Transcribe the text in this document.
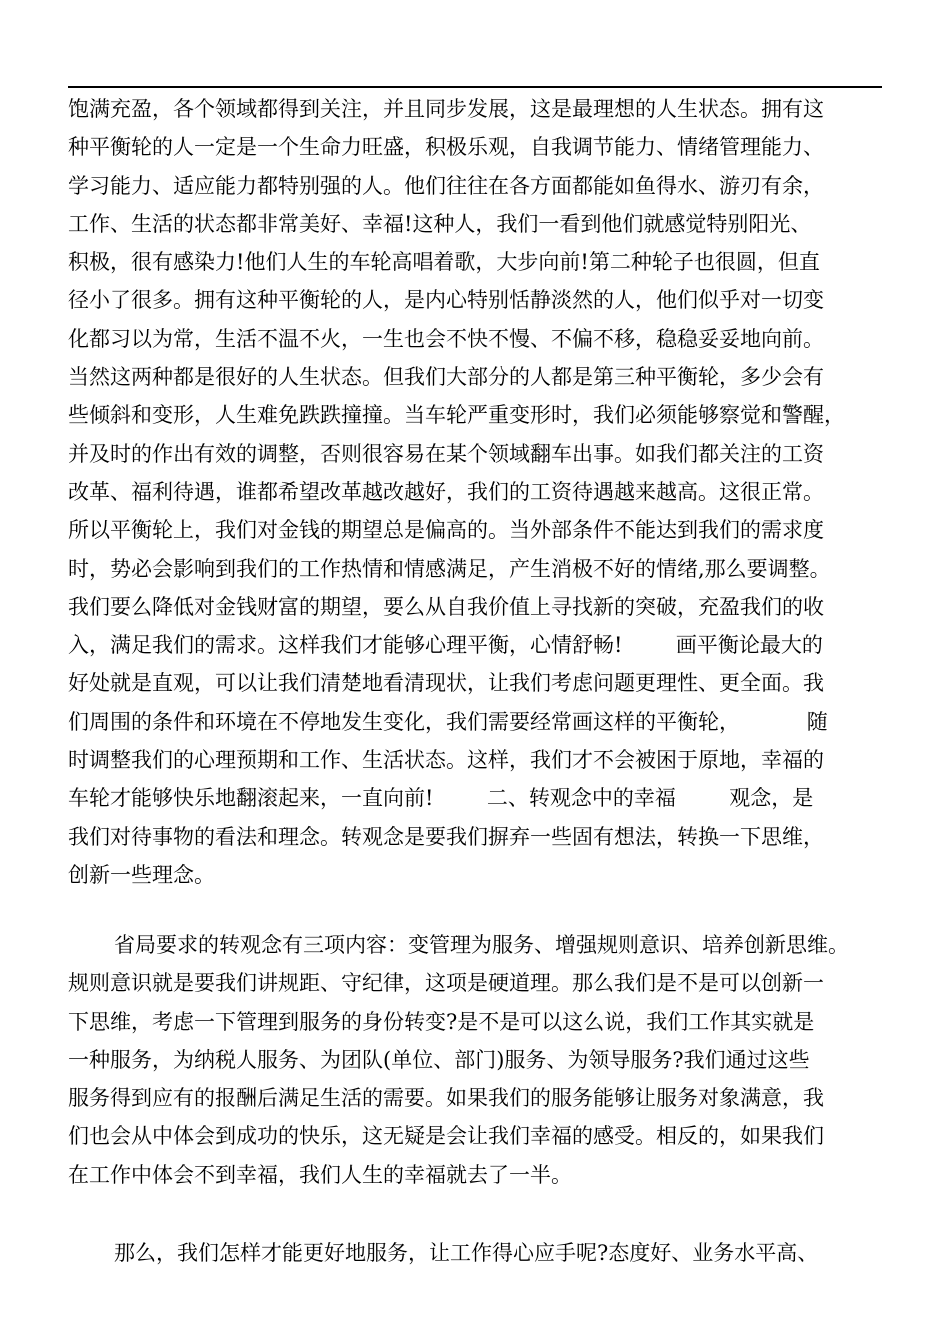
饱满充盈，各个领域都得到关注，并且同步发展，这是最理想的人生状态。拥有这
种平衡轮的人一定是一个生命力旺盛，积极乐观，自我调节能力、情绪管理能力、
学习能力、适应能力都特别强的人。他们往往在各方面都能如鱼得水、游刃有余，
工作、生活的状态都非常美好、幸福!这种人，我们一看到他们就感觉特别阳光、
积极，很有感染力!他们人生的车轮高唱着歌，大步向前!第二种轮子也很圆，但直
径小了很多。拥有这种平衡轮的人，是内心特别恬静淡然的人，他们似乎对一切变
化都习以为常，生活不温不火，一生也会不快不慢、不偏不移，稳稳妥妥地向前。
当然这两种都是很好的人生状态。但我们大部分的人都是第三种平衡轮，多少会有
些倾斜和变形，人生难免跌跌撞撞。当车轮严重变形时，我们必须能够察觉和警醒，
并及时的作出有效的调整，否则很容易在某个领域翻车出事。如我们都关注的工资
改革、福利待遇，谁都希望改革越改越好，我们的工资待遇越来越高。这很正常。
所以平衡轮上，我们对金钱的期望总是偏高的。当外部条件不能达到我们的需求度
时，势必会影响到我们的工作热情和情感满足，产生消极不好的情绪,那么要调整。
我们要么降低对金钱财富的期望，要么从自我价值上寻找新的突破，充盈我们的收
入，满足我们的需求。这样我们才能够心理平衡，心情舒畅!        画平衡论最大的
好处就是直观，可以让我们清楚地看清现状，让我们考虑问题更理性、更全面。我
们周围的条件和环境在不停地发生变化，我们需要经常画这样的平衡轮，          随
时调整我们的心理预期和工作、生活状态。这样，我们才不会被困于原地，幸福的
车轮才能够快乐地翻滚起来，一直向前!        二、转观念中的幸福        观念，是
我们对待事物的看法和理念。转观念是要我们摒弃一些固有想法，转换一下思维，
创新一些理念。
省局要求的转观念有三项内容：变管理为服务、增强规则意识、培养创新思维。
规则意识就是要我们讲规距、守纪律，这项是硬道理。那么我们是不是可以创新一
下思维，考虑一下管理到服务的身份转变?是不是可以这么说，我们工作其实就是
一种服务，为纳税人服务、为团队(单位、部门)服务、为领导服务?我们通过这些
服务得到应有的报酬后满足生活的需要。如果我们的服务能够让服务对象满意，我
们也会从中体会到成功的快乐，这无疑是会让我们幸福的感受。相反的，如果我们
在工作中体会不到幸福，我们人生的幸福就去了一半。
那么，我们怎样才能更好地服务，让工作得心应手呢?态度好、业务水平高、
